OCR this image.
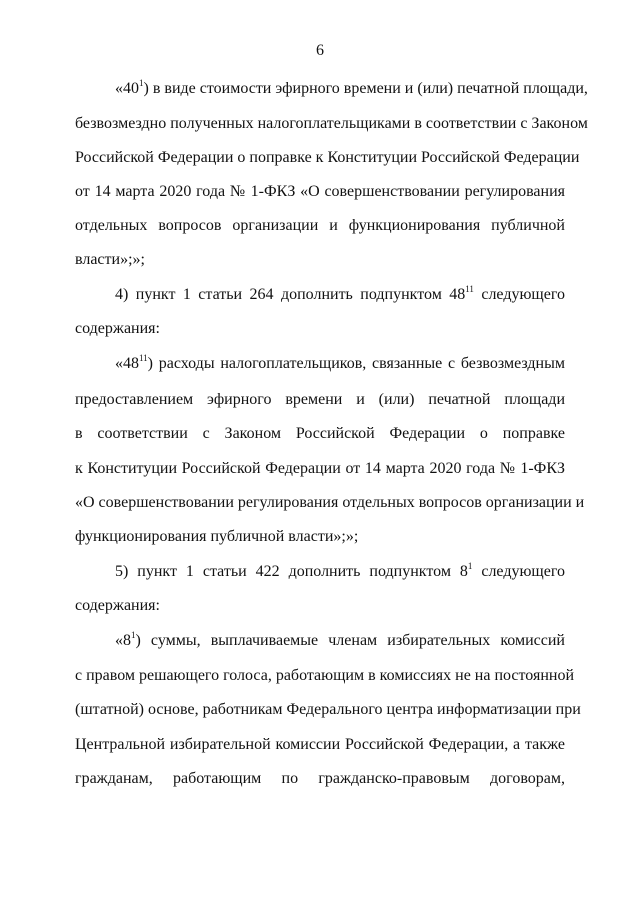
6
«$40^1$) в виде стоимости эфирного времени и (или) печатной площади,
безвозмездно полученных налогоплательщиками в соответствии с Законом
Российской Федерации о поправке к Конституции Российской Федерации
от 14 марта 2020 года № 1-ФКЗ «О совершенствовании регулирования
отдельных вопросов организации и функционирования публичной
власти»;»;
4) пункт 1 статьи 264 дополнить подпунктом $48^{11}$ следующего
содержания:
«$48^{11}$) расходы налогоплательщиков, связанные с безвозмездным
предоставлением эфирного времени и (или) печатной площади
в соответствии с Законом Российской Федерации о поправке
к Конституции Российской Федерации от 14 марта 2020 года № 1-ФКЗ
«О совершенствовании регулирования отдельных вопросов организации и
функционирования публичной власти»;»;
5) пункт 1 статьи 422 дополнить подпунктом $8^1$ следующего
содержания:
«$8^1$) суммы, выплачиваемые членам избирательных комиссий
с правом решающего голоса, работающим в комиссиях не на постоянной
(штатной) основе, работникам Федерального центра информатизации при
Центральной избирательной комиссии Российской Федерации, а также
гражданам, работающим по гражданско-правовым договорам,
